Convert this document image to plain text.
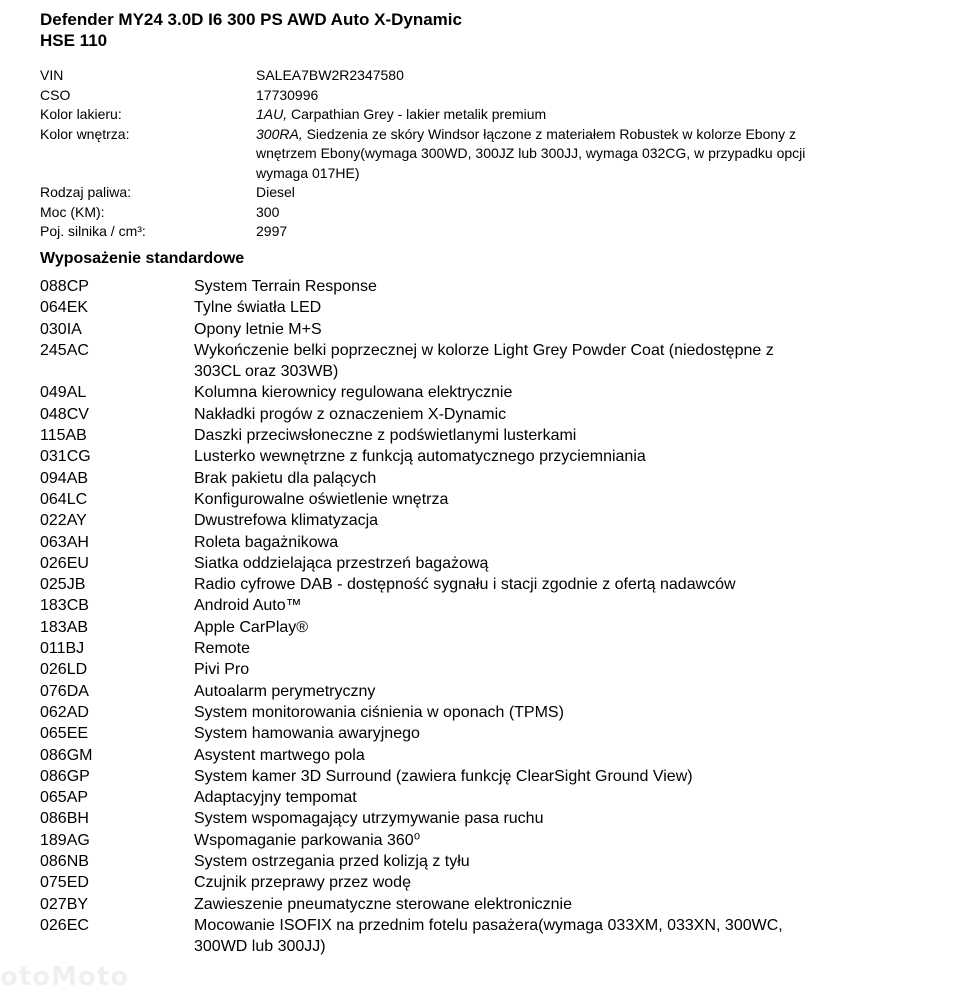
Defender MY24 3.0D I6 300 PS AWD Auto X-Dynamic
HSE 110
VIN	SALEA7BW2R2347580
CSO	17730996
Kolor lakieru:	1AU, Carpathian Grey - lakier metalik premium
Kolor wnętrza:	300RA, Siedzenia ze skóry Windsor łączone z materiałem Robustek w kolorze Ebony z wnętrzem Ebony(wymaga 300WD, 300JZ lub 300JJ, wymaga 032CG, w przypadku opcji wymaga 017HE)
Rodzaj paliwa:	Diesel
Moc (KM):	300
Poj. silnika / cm³:	2997
Wyposażenie standardowe
088CP	System Terrain Response
064EK	Tylne światła LED
030IA	Opony letnie M+S
245AC	Wykończenie belki poprzecznej w kolorze Light Grey Powder Coat (niedostępne z 303CL oraz 303WB)
049AL	Kolumna kierownicy regulowana elektrycznie
048CV	Nakładki progów z oznaczeniem X-Dynamic
115AB	Daszki przeciwsłoneczne z podświetlanymi lusterkami
031CG	Lusterko wewnętrzne z funkcją automatycznego przyciemniania
094AB	Brak pakietu dla palących
064LC	Konfigurowalne oświetlenie wnętrza
022AY	Dwustrefowa klimatyzacja
063AH	Roleta bagażnikowa
026EU	Siatka oddzielająca przestrzeń bagażową
025JB	Radio cyfrowe DAB - dostępność sygnału i stacji zgodnie z ofertą nadawców
183CB	Android Auto™
183AB	Apple CarPlay®
011BJ	Remote
026LD	Pivi Pro
076DA	Autoalarm perymetryczny
062AD	System monitorowania ciśnienia w oponach (TPMS)
065EE	System hamowania awaryjnego
086GM	Asystent martwego pola
086GP	System kamer 3D Surround (zawiera funkcję ClearSight Ground View)
065AP	Adaptacyjny tempomat
086BH	System wspomagający utrzymywanie pasa ruchu
189AG	Wspomaganie parkowania 360⁰
086NB	System ostrzegania przed kolizją z tyłu
075ED	Czujnik przeprawy przez wodę
027BY	Zawieszenie pneumatyczne sterowane elektronicznie
026EC	Mocowanie ISOFIX na przednim fotelu pasażera(wymaga 033XM, 033XN, 300WC, 300WD lub 300JJ)
otoMoto
